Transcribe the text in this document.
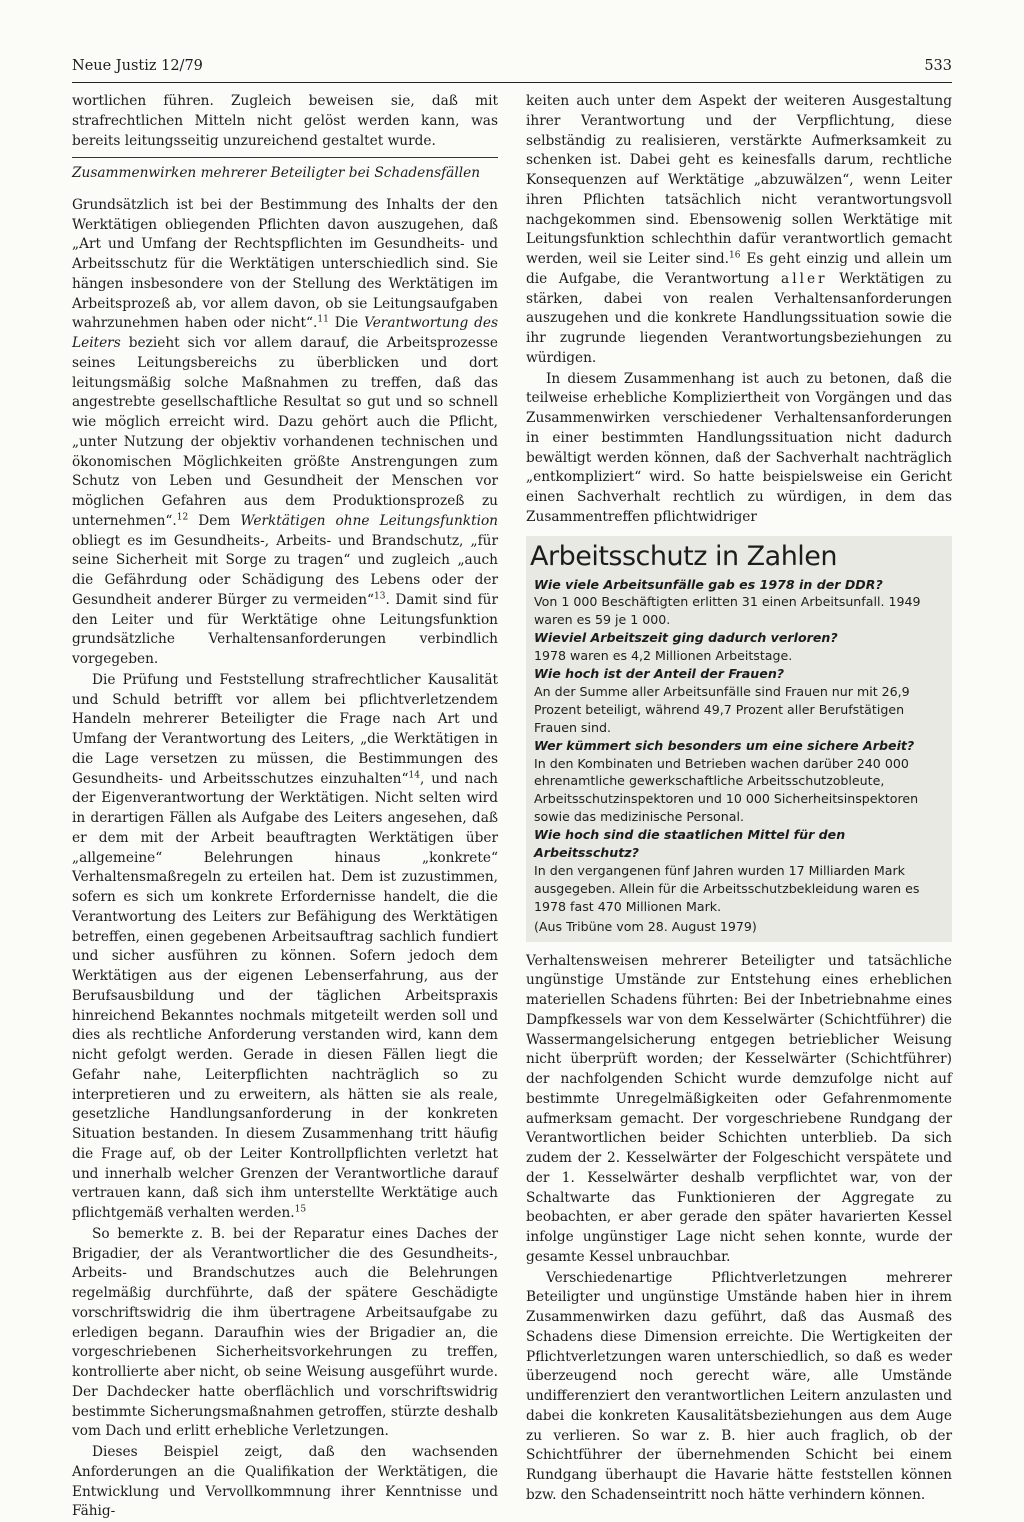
Neue Justiz 12/79	533

wortlichen führen. Zugleich beweisen sie, daß mit strafrechtlichen Mitteln nicht gelöst werden kann, was bereits leitungsseitig unzureichend gestaltet wurde.

Zusammenwirken mehrerer Beteiligter bei Schadensfällen

Grundsätzlich ist bei der Bestimmung des Inhalts der den Werktätigen obliegenden Pflichten davon auszugehen, daß „Art und Umfang der Rechtspflichten im Gesundheits- und Arbeitsschutz für die Werktätigen unterschiedlich sind. Sie hängen insbesondere von der Stellung des Werktätigen im Arbeitsprozeß ab, vor allem davon, ob sie Leitungsaufgaben wahrzunehmen haben oder nicht“.$^{11}$ Die Verantwortung des Leiters bezieht sich vor allem darauf, die Arbeitsprozesse seines Leitungsbereichs zu überblicken und dort leitungsmäßig solche Maßnahmen zu treffen, daß das angestrebte gesellschaftliche Resultat so gut und so schnell wie möglich erreicht wird. Dazu gehört auch die Pflicht, „unter Nutzung der objektiv vorhandenen technischen und ökonomischen Möglichkeiten größte Anstrengungen zum Schutz von Leben und Gesundheit der Menschen vor möglichen Gefahren aus dem Produktionsprozeß zu unternehmen“.$^{12}$ Dem Werktätigen ohne Leitungsfunktion obliegt es im Gesundheits-, Arbeits- und Brandschutz, „für seine Sicherheit mit Sorge zu tragen“ und zugleich „auch die Gefährdung oder Schädigung des Lebens oder der Gesundheit anderer Bürger zu vermeiden“$^{13}$. Damit sind für den Leiter und für Werktätige ohne Leitungsfunktion grundsätzliche Verhaltensanforderungen verbindlich vorgegeben.

Die Prüfung und Feststellung strafrechtlicher Kausalität und Schuld betrifft vor allem bei pflichtverletzendem Handeln mehrerer Beteiligter die Frage nach Art und Umfang der Verantwortung des Leiters, „die Werktätigen in die Lage versetzen zu müssen, die Bestimmungen des Gesundheits- und Arbeitsschutzes einzuhalten“$^{14}$, und nach der Eigenverantwortung der Werktätigen. Nicht selten wird in derartigen Fällen als Aufgabe des Leiters angesehen, daß er dem mit der Arbeit beauftragten Werktätigen über „allgemeine“ Belehrungen hinaus „konkrete“ Verhaltensmaßregeln zu erteilen hat. Dem ist zuzustimmen, sofern es sich um konkrete Erfordernisse handelt, die die Verantwortung des Leiters zur Befähigung des Werktätigen betreffen, einen gegebenen Arbeitsauftrag sachlich fundiert und sicher ausführen zu können. Sofern jedoch dem Werktätigen aus der eigenen Lebenserfahrung, aus der Berufsausbildung und der täglichen Arbeitspraxis hinreichend Bekanntes nochmals mitgeteilt werden soll und dies als rechtliche Anforderung verstanden wird, kann dem nicht gefolgt werden. Gerade in diesen Fällen liegt die Gefahr nahe, Leiterpflichten nachträglich so zu interpretieren und zu erweitern, als hätten sie als reale, gesetzliche Handlungsanforderung in der konkreten Situation bestanden. In diesem Zusammenhang tritt häufig die Frage auf, ob der Leiter Kontrollpflichten verletzt hat und innerhalb welcher Grenzen der Verantwortliche darauf vertrauen kann, daß sich ihm unterstellte Werktätige auch pflichtgemäß verhalten werden.$^{15}$

So bemerkte z. B. bei der Reparatur eines Daches der Brigadier, der als Verantwortlicher die des Gesundheits-, Arbeits- und Brandschutzes auch die Belehrungen regelmäßig durchführte, daß der spätere Geschädigte vorschriftswidrig die ihm übertragene Arbeitsaufgabe zu erledigen begann. Daraufhin wies der Brigadier an, die vorgeschriebenen Sicherheitsvorkehrungen zu treffen, kontrollierte aber nicht, ob seine Weisung ausgeführt wurde. Der Dachdecker hatte oberflächlich und vorschriftswidrig bestimmte Sicherungsmaßnahmen getroffen, stürzte deshalb vom Dach und erlitt erhebliche Verletzungen.

Dieses Beispiel zeigt, daß den wachsenden Anforderungen an die Qualifikation der Werktätigen, die Entwicklung und Vervollkommnung ihrer Kenntnisse und Fähig-

keiten auch unter dem Aspekt der weiteren Ausgestaltung ihrer Verantwortung und der Verpflichtung, diese selbständig zu realisieren, verstärkte Aufmerksamkeit zu schenken ist. Dabei geht es keinesfalls darum, rechtliche Konsequenzen auf Werktätige „abzuwälzen“, wenn Leiter ihren Pflichten tatsächlich nicht verantwortungsvoll nachgekommen sind. Ebensowenig sollen Werktätige mit Leitungsfunktion schlechthin dafür verantwortlich gemacht werden, weil sie Leiter sind.$^{16}$ Es geht einzig und allein um die Aufgabe, die Verantwortung aller Werktätigen zu stärken, dabei von realen Verhaltensanforderungen auszugehen und die konkrete Handlungssituation sowie die ihr zugrunde liegenden Verantwortungsbeziehungen zu würdigen.

In diesem Zusammenhang ist auch zu betonen, daß die teilweise erhebliche Kompliziertheit von Vorgängen und das Zusammenwirken verschiedener Verhaltensanforderungen in einer bestimmten Handlungssituation nicht dadurch bewältigt werden können, daß der Sachverhalt nachträglich „entkompliziert“ wird. So hatte beispielsweise ein Gericht einen Sachverhalt rechtlich zu würdigen, in dem das Zusammentreffen pflichtwidriger

Arbeitsschutz in Zahlen

Wie viele Arbeitsunfälle gab es 1978 in der DDR?

Von 1 000 Beschäftigten erlitten 31 einen Arbeitsunfall. 1949 waren es 59 je 1 000.

Wieviel Arbeitszeit ging dadurch verloren?

1978 waren es 4,2 Millionen Arbeitstage.

Wie hoch ist der Anteil der Frauen?

An der Summe aller Arbeitsunfälle sind Frauen nur mit 26,9 Prozent beteiligt, während 49,7 Prozent aller Berufstätigen Frauen sind.

Wer kümmert sich besonders um eine sichere Arbeit?

In den Kombinaten und Betrieben wachen darüber 240 000 ehrenamtliche gewerkschaftliche Arbeitsschutzobleute, Arbeitsschutzinspektoren und 10 000 Sicherheitsinspektoren sowie das medizinische Personal.

Wie hoch sind die staatlichen Mittel für den Arbeitsschutz?

In den vergangenen fünf Jahren wurden 17 Milliarden Mark ausgegeben. Allein für die Arbeitsschutzbekleidung waren es 1978 fast 470 Millionen Mark.

(Aus Tribüne vom 28. August 1979)

Verhaltensweisen mehrerer Beteiligter und tatsächliche ungünstige Umstände zur Entstehung eines erheblichen materiellen Schadens führten: Bei der Inbetriebnahme eines Dampfkessels war von dem Kesselwärter (Schichtführer) die Wassermangelsicherung entgegen betrieblicher Weisung nicht überprüft worden; der Kesselwärter (Schichtführer) der nachfolgenden Schicht wurde demzufolge nicht auf bestimmte Unregelmäßigkeiten oder Gefahrenmomente aufmerksam gemacht. Der vorgeschriebene Rundgang der Verantwortlichen beider Schichten unterblieb. Da sich zudem der 2. Kesselwärter der Folgeschicht verspätete und der 1. Kesselwärter deshalb verpflichtet war, von der Schaltwarte das Funktionieren der Aggregate zu beobachten, er aber gerade den später havarierten Kessel infolge ungünstiger Lage nicht sehen konnte, wurde der gesamte Kessel unbrauchbar.

Verschiedenartige Pflichtverletzungen mehrerer Beteiligter und ungünstige Umstände haben hier in ihrem Zusammenwirken dazu geführt, daß das Ausmaß des Schadens diese Dimension erreichte. Die Wertigkeiten der Pflichtverletzungen waren unterschiedlich, so daß es weder überzeugend noch gerecht wäre, alle Umstände undifferenziert den verantwortlichen Leitern anzulasten und dabei die konkreten Kausalitätsbeziehungen aus dem Auge zu verlieren. So war z. B. hier auch fraglich, ob der Schichtführer der übernehmenden Schicht bei einem Rundgang überhaupt die Havarie hätte feststellen können bzw. den Schadenseintritt noch hätte verhindern können.
